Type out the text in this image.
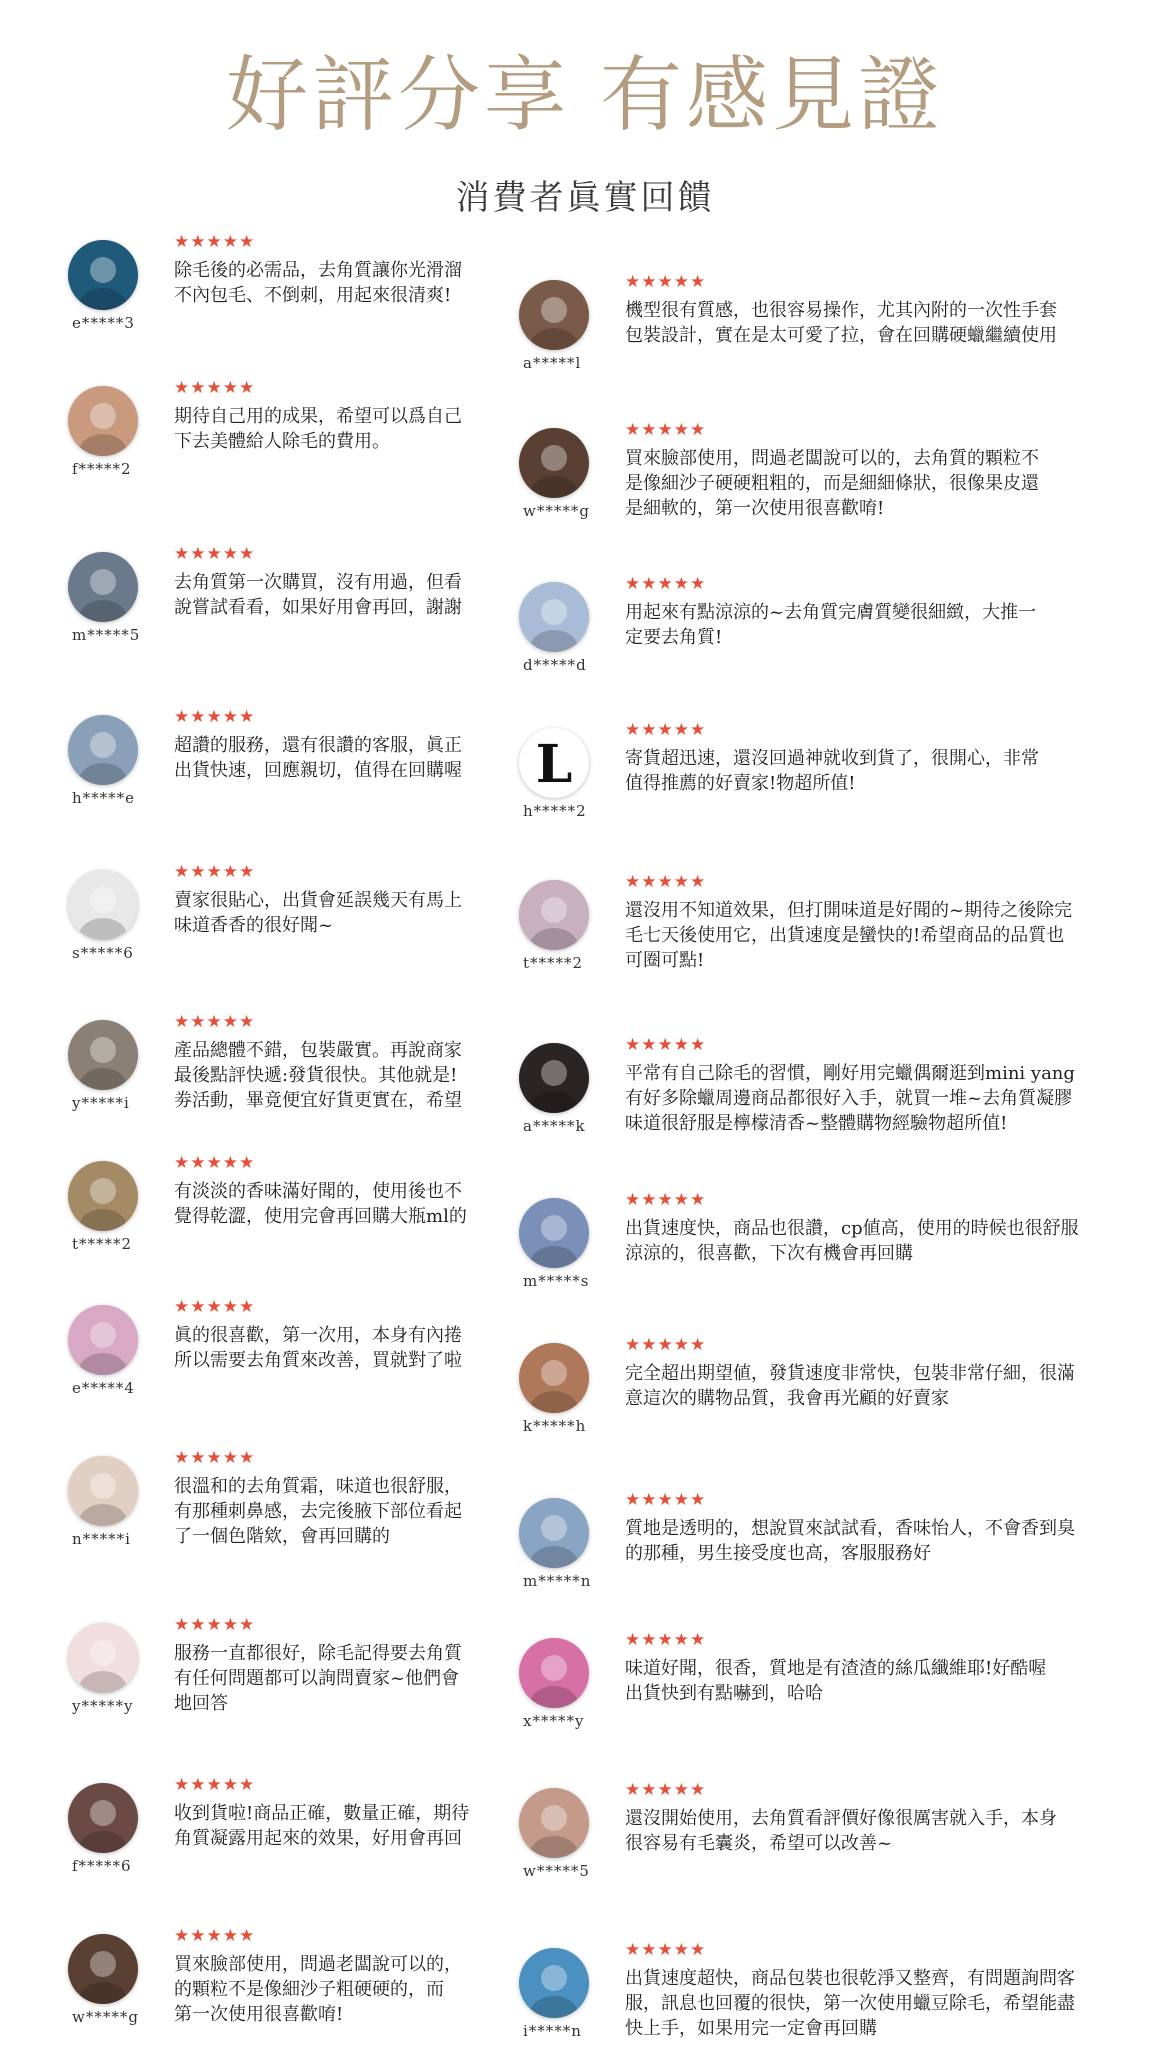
好評分享 有感見證
消費者眞實回饋
e*****3
★★★★★
除毛後的必需品，去角質讓你光滑溜
不內包毛、不倒刺，用起來很清爽!
f*****2
★★★★★
期待自己用的成果，希望可以爲自己
下去美體給人除毛的費用。
m*****5
★★★★★
去角質第一次購買，沒有用過，但看
說嘗試看看，如果好用會再回，謝謝
h*****e
★★★★★
超讚的服務，還有很讚的客服，眞正
出貨快速，回應親切，值得在回購喔
s*****6
★★★★★
賣家很貼心，出貨會延誤幾天有馬上
味道香香的很好聞~
y*****i
★★★★★
產品總體不錯，包裝嚴實。再說商家
最後點評快遞:發貨很快。其他就是!
劵活動，畢竟便宜好貨更實在，希望
t*****2
★★★★★
有淡淡的香味滿好聞的，使用後也不
覺得乾澀，使用完會再回購大瓶ml的
e*****4
★★★★★
眞的很喜歡，第一次用，本身有內捲
所以需要去角質來改善，買就對了啦
n*****i
★★★★★
很溫和的去角質霜，味道也很舒服，
有那種刺鼻感，去完後腋下部位看起
了一個色階欸，會再回購的
y*****y
★★★★★
服務一直都很好，除毛記得要去角質
有任何問題都可以詢問賣家~他們會
地回答
f*****6
★★★★★
收到貨啦!商品正確，數量正確，期待
角質凝露用起來的效果，好用會再回
w*****g
★★★★★
買來臉部使用，問過老闆說可以的，
的顆粒不是像細沙子粗硬硬的，而
第一次使用很喜歡唷!
a*****l
★★★★★
機型很有質感，也很容易操作，尤其內附的一次性手套
包裝設計，實在是太可愛了拉，會在回購硬蠟繼續使用
w*****g
★★★★★
買來臉部使用，問過老闆說可以的，去角質的顆粒不
是像細沙子硬硬粗粗的，而是細細條狀，很像果皮還
是細軟的，第一次使用很喜歡唷!
d*****d
★★★★★
用起來有點涼涼的~去角質完膚質變很細緻，大推一
定要去角質!
L
h*****2
★★★★★
寄貨超迅速，還沒回過神就收到貨了，很開心，非常
值得推薦的好賣家!物超所值!
t*****2
★★★★★
還沒用不知道效果，但打開味道是好聞的~期待之後除完
毛七天後使用它，出貨速度是蠻快的!希望商品的品質也
可圈可點!
a*****k
★★★★★
平常有自己除毛的習慣，剛好用完蠟偶爾逛到mini yang
有好多除蠟周邊商品都很好入手，就買一堆~去角質凝膠
味道很舒服是檸檬清香~整體購物經驗物超所值!
m*****s
★★★★★
出貨速度快，商品也很讚，cp値高，使用的時候也很舒服
涼涼的，很喜歡，下次有機會再回購
k*****h
★★★★★
完全超出期望値，發貨速度非常快，包裝非常仔細，很滿
意這次的購物品質，我會再光顧的好賣家
m*****n
★★★★★
質地是透明的，想說買來試試看，香味怡人，不會香到臭
的那種，男生接受度也高，客服服務好
x*****y
★★★★★
味道好聞，很香，質地是有渣渣的絲瓜纖維耶!好酷喔
出貨快到有點嚇到，哈哈
w*****5
★★★★★
還沒開始使用，去角質看評價好像很厲害就入手，本身
很容易有毛囊炎，希望可以改善~
i*****n
★★★★★
出貨速度超快，商品包裝也很乾淨又整齊，有問題詢問客
服，訊息也回覆的很快，第一次使用蠟豆除毛，希望能盡
快上手，如果用完一定會再回購
